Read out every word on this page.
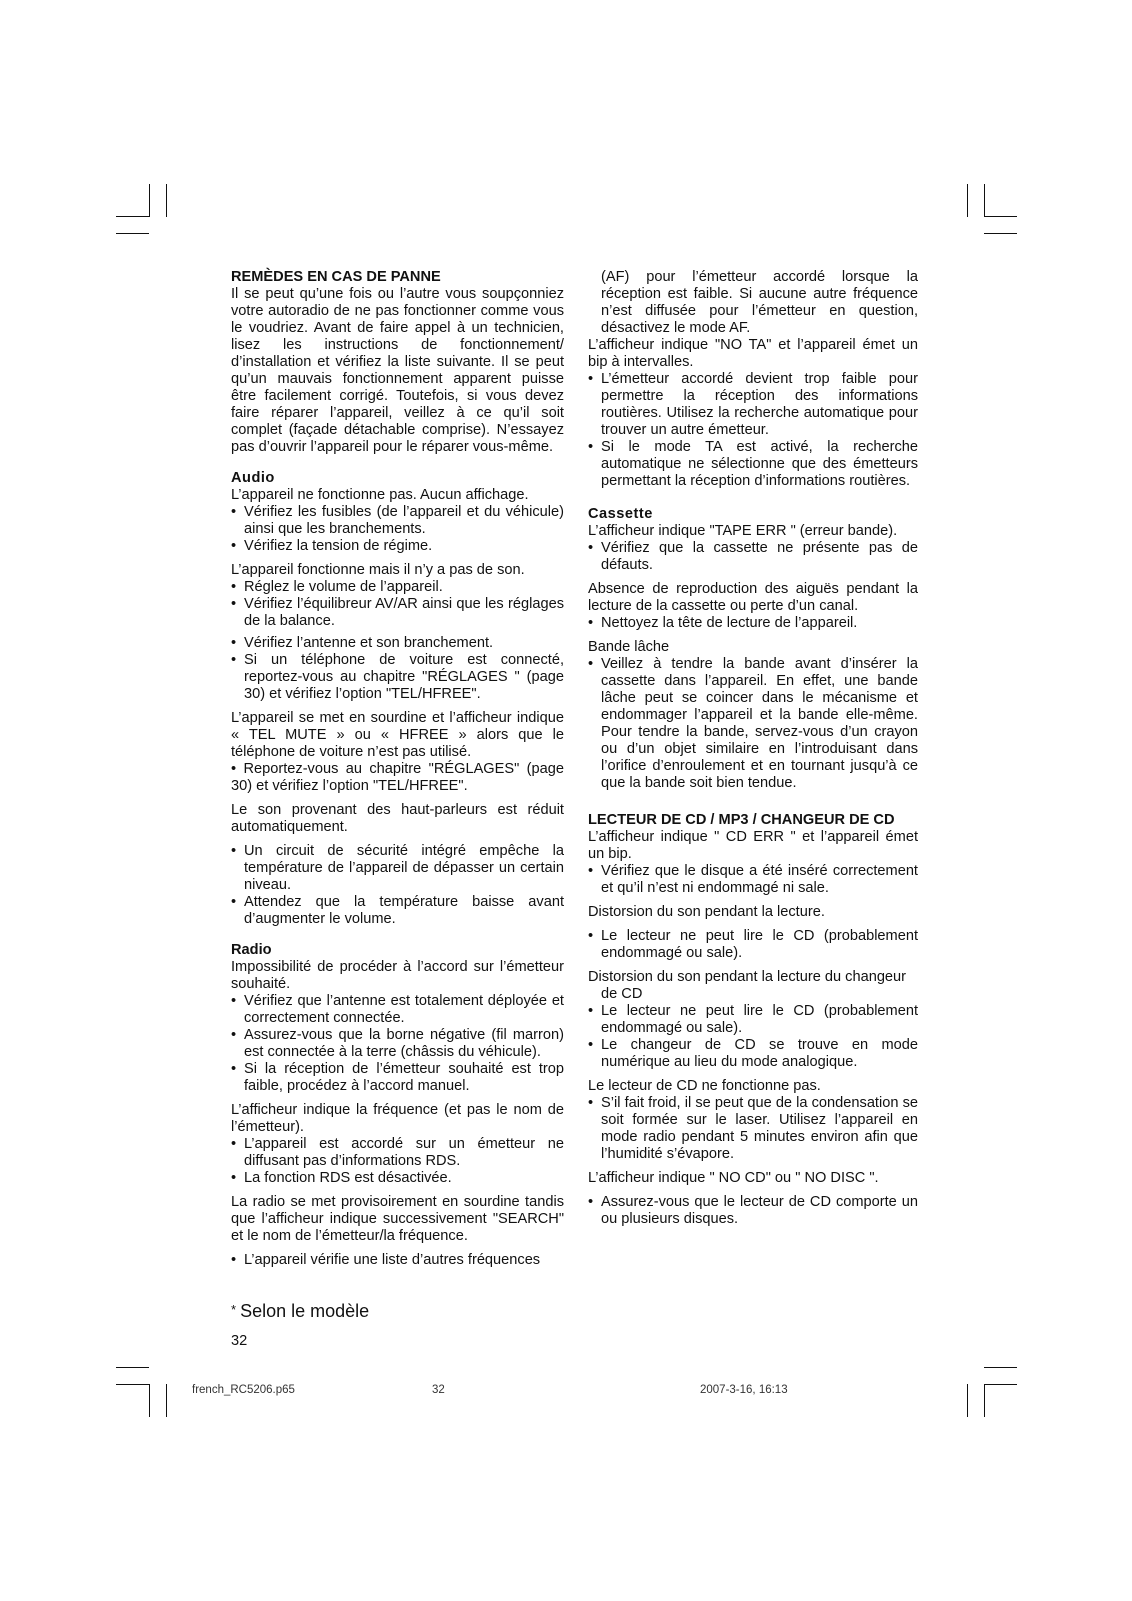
REMÈDES EN CAS DE PANNE

Il se peut qu’une fois ou l’autre vous soupçonniez votre autoradio de ne pas fonctionner comme vous le voudriez. Avant de faire appel à un technicien, lisez les instructions de fonctionnement/ d’installation et vérifiez la liste suivante. Il se peut qu’un mauvais fonctionnement apparent puisse être facilement corrigé. Toutefois, si vous devez faire réparer l’appareil, veillez à ce qu’il soit complet (façade détachable comprise). N’essayez pas d’ouvrir l’appareil pour le réparer vous-même.

Audio

L’appareil ne fonctionne pas. Aucun affichage.

• Vérifiez les fusibles (de l’appareil et du véhicule) ainsi que les branchements.
• Vérifiez la tension de régime.

L’appareil fonctionne mais il n’y a pas de son.

• Réglez le volume de l’appareil.
• Vérifiez l’équilibreur AV/AR ainsi que les réglages de la balance.
• Vérifiez l’antenne et son branchement.
• Si un téléphone de voiture est connecté, reportez-vous au chapitre "RÉGLAGES " (page 30) et vérifiez l’option "TEL/HFREE".

L’appareil se met en sourdine et l’afficheur indique « TEL MUTE » ou « HFREE » alors que le téléphone de voiture n’est pas utilisé.

• Reportez-vous au chapitre "RÉGLAGES" (page 30) et vérifiez l’option "TEL/HFREE".

Le son provenant des haut-parleurs est réduit automatiquement.

• Un circuit de sécurité intégré empêche la température de l’appareil de dépasser un certain niveau.
• Attendez que la température baisse avant d’augmenter le volume.
Radio

Impossibilité de procéder à l’accord sur l’émetteur souhaité.

• Vérifiez que l’antenne est totalement déployée et correctement connectée.
• Assurez-vous que la borne négative (fil marron) est connectée à la terre (châssis du véhicule).
• Si la réception de l’émetteur souhaité est trop faible, procédez à l’accord manuel.

L’afficheur indique la fréquence (et pas le nom de l’émetteur).

• L’appareil est accordé sur un émetteur ne diffusant pas d’informations RDS.
• La fonction RDS est désactivée.

La radio se met provisoirement en sourdine tandis que l’afficheur indique successivement "SEARCH" et le nom de l’émetteur/la fréquence.

• L’appareil vérifie une liste d’autres fréquences

(AF) pour l’émetteur accordé lorsque la réception est faible. Si aucune autre fréquence n’est diffusée pour l’émetteur en question, désactivez le mode AF.

L’afficheur indique "NO TA" et l’appareil émet un bip à intervalles.

• L’émetteur accordé devient trop faible pour permettre la réception des informations routières. Utilisez la recherche automatique pour trouver un autre émetteur.
• Si le mode TA est activé, la recherche automatique ne sélectionne que des émetteurs permettant la réception d’informations routières.
Cassette

L’afficheur indique "TAPE ERR " (erreur bande).

• Vérifiez que la cassette ne présente pas de défauts.

Absence de reproduction des aiguës pendant la lecture de la cassette ou perte d’un canal.

• Nettoyez la tête de lecture de l’appareil.

Bande lâche

• Veillez à tendre la bande avant d’insérer la cassette dans l’appareil. En effet, une bande lâche peut se coincer dans le mécanisme et endommager l’appareil et la bande elle-même. Pour tendre la bande, servez-vous d’un crayon ou d’un objet similaire en l’introduisant dans l’orifice d’enroulement et en tournant jusqu’à ce que la bande soit bien tendue.
LECTEUR DE CD / MP3 / CHANGEUR DE CD

L’afficheur indique " CD ERR " et l’appareil émet un bip.

• Vérifiez que le disque a été inséré correctement et qu’il n’est ni endommagé ni sale.

Distorsion du son pendant la lecture.

• Le lecteur ne peut lire le CD (probablement endommagé ou sale).

Distorsion du son pendant la lecture du changeur

de CD

• Le lecteur ne peut lire le CD (probablement endommagé ou sale).
• Le changeur de CD se trouve en mode numérique au lieu du mode analogique.

Le lecteur de CD ne fonctionne pas.

• S’il fait froid, il se peut que de la condensation se soit formée sur le laser. Utilisez l’appareil en mode radio pendant 5 minutes environ afin que l’humidité s’évapore.

L’afficheur indique " NO CD" ou " NO DISC ".

• Assurez-vous que le lecteur de CD comporte un ou plusieurs disques.
* Selon le modèle
32
french_RC5206.p65	32	2007-3-16, 16:13
